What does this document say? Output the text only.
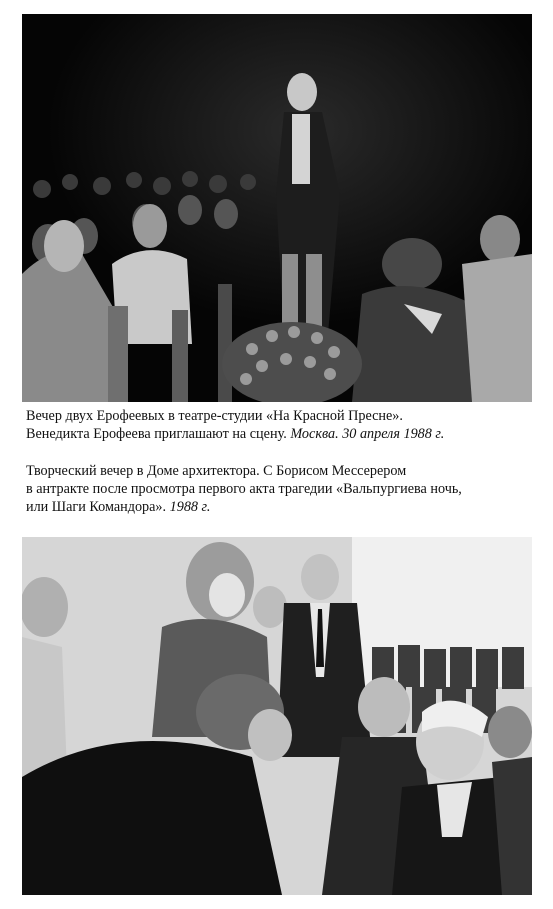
Вечер двух Ерофеевых в театре-студии «На Красной Пресне».
Венедикта Ерофеева приглашают на сцену. Москва. 30 апреля 1988 г.
Творческий вечер в Доме архитектора. С Борисом Мессерером
в антракте после просмотра первого акта трагедии «Вальпургиева ночь,
или Шаги Командора». 1988 г.
